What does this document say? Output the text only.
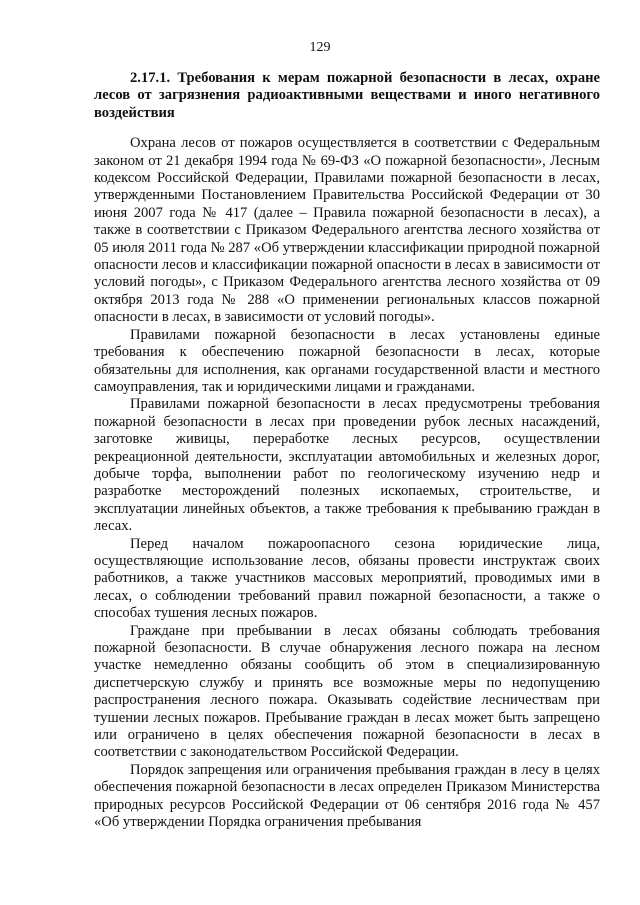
129

2.17.1. Требования к мерам пожарной безопасности в лесах, охране лесов от загрязнения радиоактивными веществами и иного негативного воздействия

Охрана лесов от пожаров осуществляется в соответствии с Федеральным законом от 21 декабря 1994 года № 69-ФЗ «О пожарной безопасности», Лесным кодексом Российской Федерации, Правилами пожарной безопасности в лесах, утвержденными Постановлением Правительства Российской Федерации от 30 июня 2007 года № 417 (далее – Правила пожарной безопасности в лесах), а также в соответствии с Приказом Федерального агентства лесного хозяйства от 05 июля 2011 года № 287 «Об утверждении классификации природной пожарной опасности лесов и классификации пожарной опасности в лесах в зависимости от условий погоды», с Приказом Федерального агентства лесного хозяйства от 09 октября 2013 года № 288 «О применении региональных классов пожарной опасности в лесах, в зависимости от условий погоды».

Правилами пожарной безопасности в лесах установлены единые требования к обеспечению пожарной безопасности в лесах, которые обязательны для исполнения, как органами государственной власти и местного самоуправления, так и юридическими лицами и гражданами.

Правилами пожарной безопасности в лесах предусмотрены требования пожарной безопасности в лесах при проведении рубок лесных насаждений, заготовке живицы, переработке лесных ресурсов, осуществлении рекреационной деятельности, эксплуатации автомобильных и железных дорог, добыче торфа, выполнении работ по геологическому изучению недр и разработке месторождений полезных ископаемых, строительстве, и эксплуатации линейных объектов, а также требования к пребыванию граждан в лесах.

Перед началом пожароопасного сезона юридические лица, осуществляющие использование лесов, обязаны провести инструктаж своих работников, а также участников массовых мероприятий, проводимых ими в лесах, о соблюдении требований правил пожарной безопасности, а также о способах тушения лесных пожаров.

Граждане при пребывании в лесах обязаны соблюдать требования пожарной безопасности. В случае обнаружения лесного пожара на лесном участке немедленно обязаны сообщить об этом в специализированную диспетчерскую службу и принять все возможные меры по недопущению распространения лесного пожара. Оказывать содействие лесничествам при тушении лесных пожаров. Пребывание граждан в лесах может быть запрещено или ограничено в целях обеспечения пожарной безопасности в лесах в соответствии с законодательством Российской Федерации.

Порядок запрещения или ограничения пребывания граждан в лесу в целях обеспечения пожарной безопасности в лесах определен Приказом Министерства природных ресурсов Российской Федерации от 06 сентября 2016 года № 457 «Об утверждении Порядка ограничения пребывания
